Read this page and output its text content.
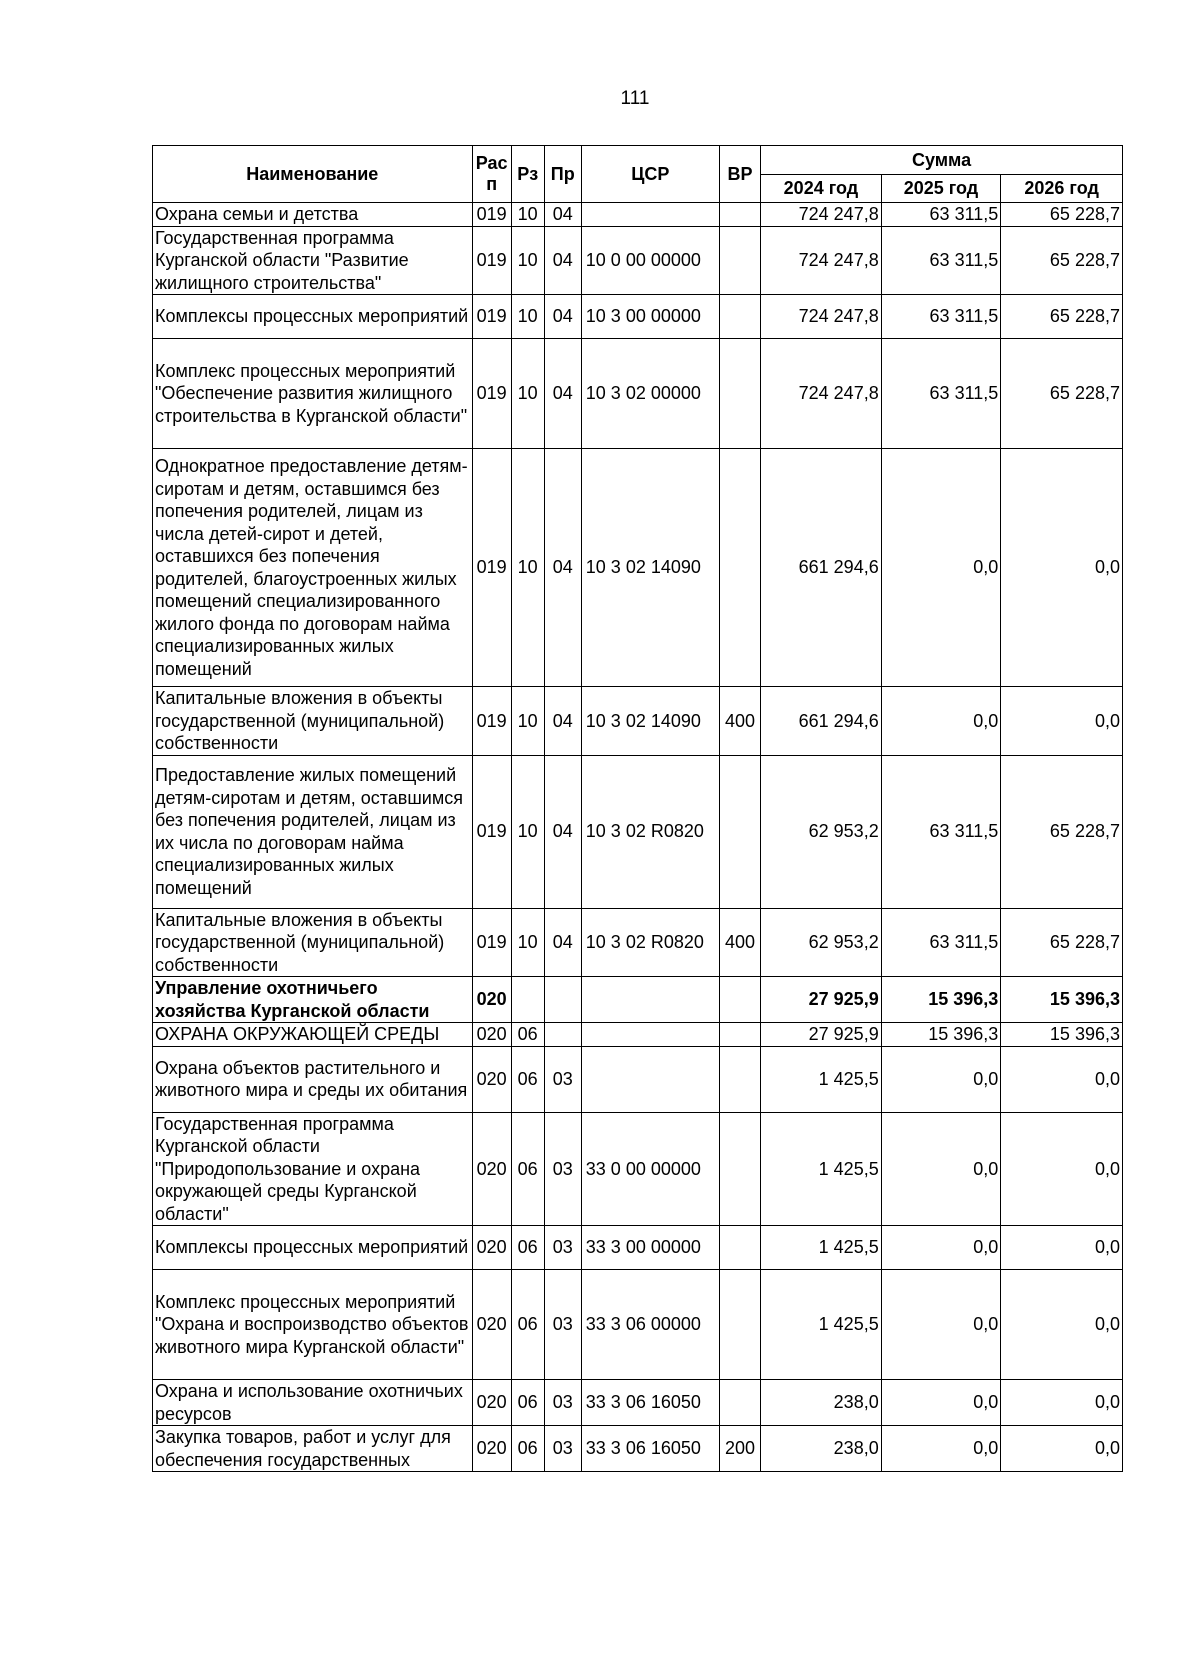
111
Наименование	Рас п	Рз	Пр	ЦСР	ВР	Сумма		
						2024 год	2025 год	2026 год
Охрана семьи и детства	019	10	04			724 247,8	63 311,5	65 228,7
Государственная программа Курганской области "Развитие жилищного строительства"	019	10	04	10 0 00 00000		724 247,8	63 311,5	65 228,7
Комплексы процессных мероприятий	019	10	04	10 3 00 00000		724 247,8	63 311,5	65 228,7
Комплекс процессных мероприятий "Обеспечение развития жилищного строительства в Курганской области"	019	10	04	10 3 02 00000		724 247,8	63 311,5	65 228,7
Однократное предоставление детям-сиротам и детям, оставшимся без попечения родителей, лицам из числа детей-сирот и детей, оставшихся без попечения родителей, благоустроенных жилых помещений специализированного жилого фонда по договорам найма специализированных жилых помещений	019	10	04	10 3 02 14090		661 294,6	0,0	0,0
Капитальные вложения в объекты государственной (муниципальной) собственности	019	10	04	10 3 02 14090	400	661 294,6	0,0	0,0
Предоставление жилых помещений детям-сиротам и детям, оставшимся без попечения родителей, лицам из их числа по договорам найма специализированных жилых помещений	019	10	04	10 3 02 R0820		62 953,2	63 311,5	65 228,7
Капитальные вложения в объекты государственной (муниципальной) собственности	019	10	04	10 3 02 R0820	400	62 953,2	63 311,5	65 228,7
Управление охотничьего хозяйства Курганской области	020					27 925,9	15 396,3	15 396,3
ОХРАНА ОКРУЖАЮЩЕЙ СРЕДЫ	020	06				27 925,9	15 396,3	15 396,3
Охрана объектов растительного и животного мира и среды их обитания	020	06	03			1 425,5	0,0	0,0
Государственная программа Курганской области "Природопользование и охрана окружающей среды Курганской области"	020	06	03	33 0 00 00000		1 425,5	0,0	0,0
Комплексы процессных мероприятий	020	06	03	33 3 00 00000		1 425,5	0,0	0,0
Комплекс процессных мероприятий "Охрана и воспроизводство объектов животного мира Курганской области"	020	06	03	33 3 06 00000		1 425,5	0,0	0,0
Охрана и использование охотничьих ресурсов	020	06	03	33 3 06 16050		238,0	0,0	0,0
Закупка товаров, работ и услуг для обеспечения государственных	020	06	03	33 3 06 16050	200	238,0	0,0	0,0
